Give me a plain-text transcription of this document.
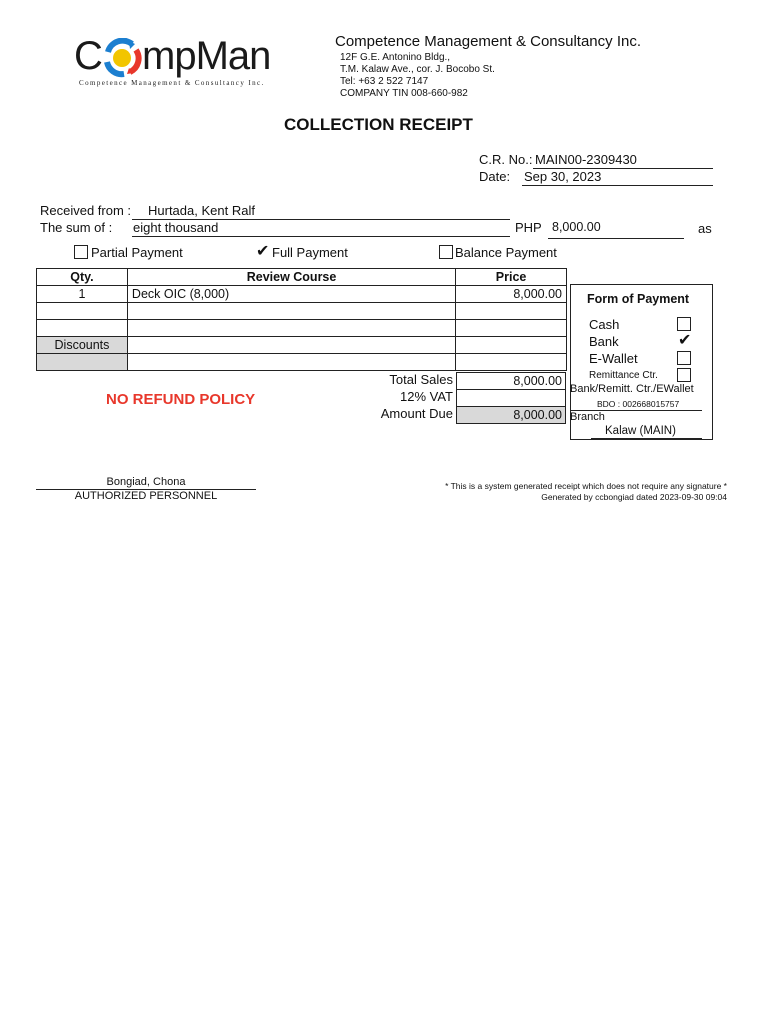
C mpMan
Competence Management & Consultancy Inc.
Competence Management & Consultancy Inc.
12F G.E. Antonino Bldg.,
T.M. Kalaw Ave., cor. J. Bocobo St.
Tel: +63 2 522 7147
COMPANY TIN 008-660-982
COLLECTION RECEIPT
C.R. No.: MAIN00-2309430
Date: Sep 30, 2023
Received from : Hurtada, Kent Ralf
The sum of : eight thousand	PHP 8,000.00	as
Partial Payment	✔ Full Payment	Balance Payment
Qty.	Review Course	Price
1	Deck OIC (8,000)	8,000.00

Discounts		

Total Sales	8,000.00
12% VAT
Amount Due	8,000.00
NO REFUND POLICY
Form of Payment
Cash
Bank	✔
E-Wallet
Remittance Ctr.
Bank/Remitt. Ctr./EWallet
BDO : 002668015757
Branch
Kalaw (MAIN)
Bongiad, Chona
AUTHORIZED PERSONNEL
* This is a system generated receipt which does not require any signature *
Generated by ccbongiad dated 2023-09-30 09:04
